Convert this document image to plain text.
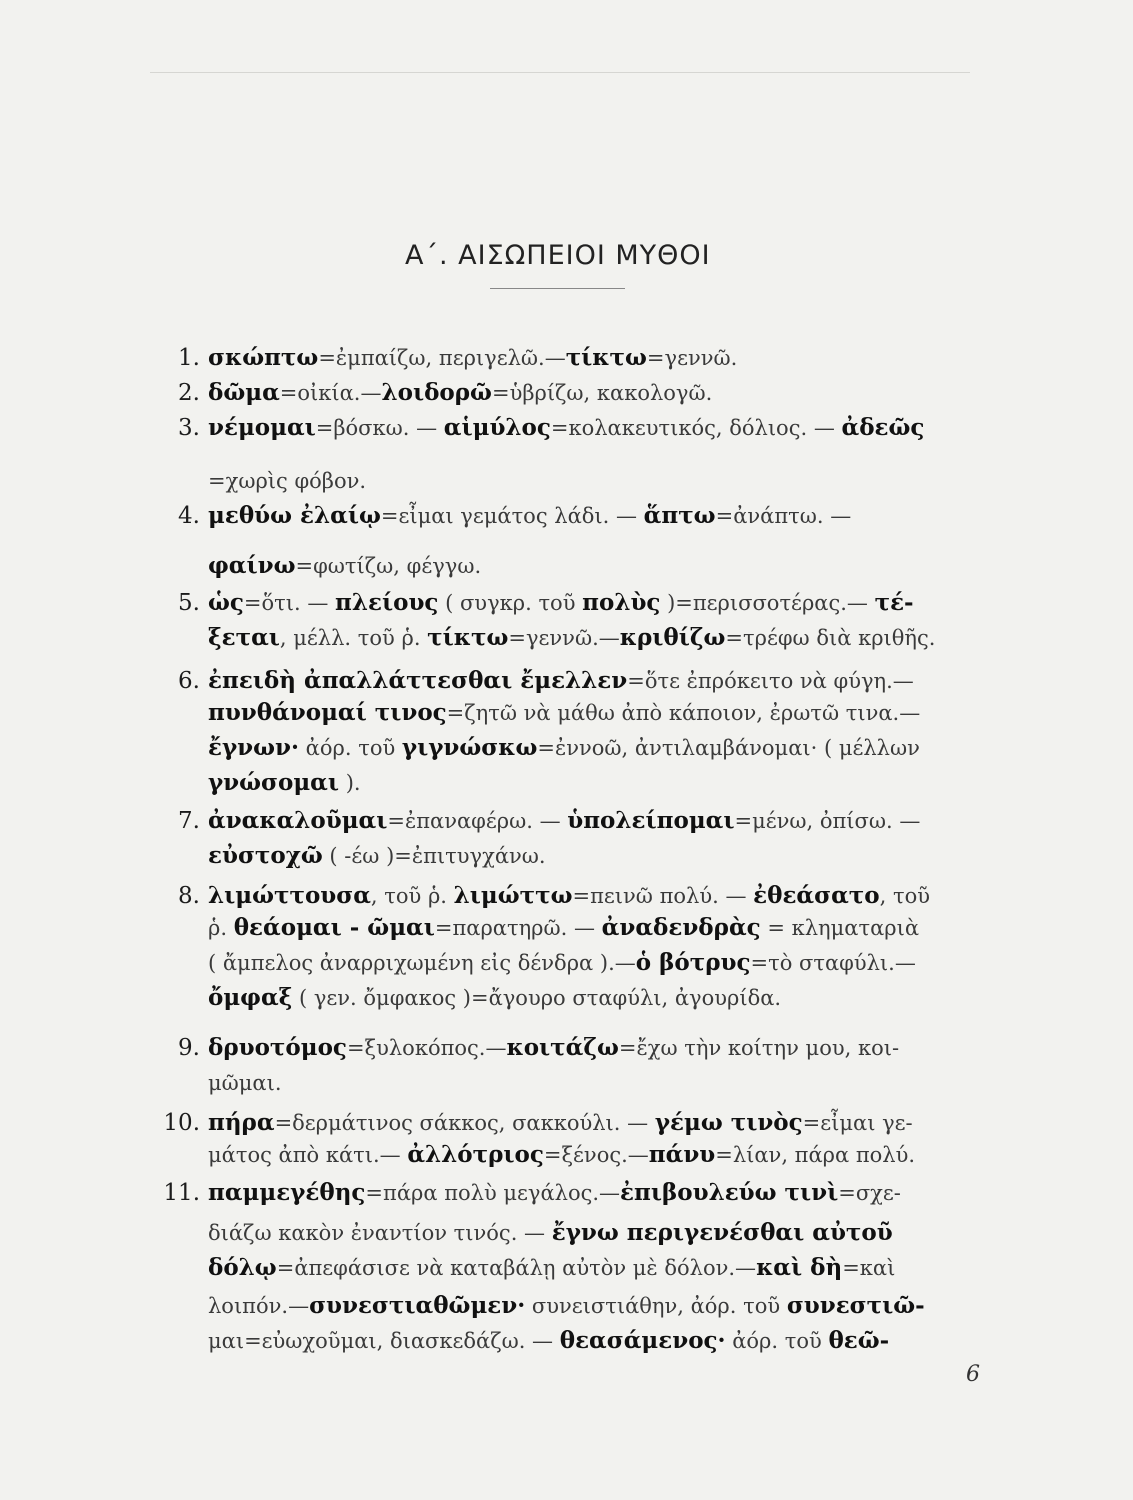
Α΄. ΑΙΣΩΠΕΙΟΙ ΜΥΘΟΙ
1. σκώπτω=ἐμπαίζω, περιγελῶ.—τίκτω=γεννῶ.
2. δῶμα=οἰκία.—λοιδορῶ=ὑβρίζω, κακολογῶ.
3. νέμομαι=βόσκω. — αἱμύλος=κολακευτικός, δόλιος. — ἀδεῶς
=χωρὶς φόβον.
4. μεθύω ἐλαίῳ=εἶμαι γεμάτος λάδι. — ἅπτω=ἀνάπτω. —
φαίνω=φωτίζω, φέγγω.
5. ὡς=ὅτι. — πλείους ( συγκρ. τοῦ πολὺς )=περισσοτέρας.— τέ-
ξεται, μέλλ. τοῦ ῥ. τίκτω=γεννῶ.—κριθίζω=τρέφω διὰ κριθῆς.
6. ἐπειδὴ ἀπαλλάττεσθαι ἔμελλεν=ὅτε ἐπρόκειτο νὰ φύγη.—
πυνθάνομαί τινος=ζητῶ νὰ μάθω ἀπὸ κάποιον, ἐρωτῶ τινα.—
ἔγνων· ἀόρ. τοῦ γιγνώσκω=ἐννοῶ, ἀντιλαμβάνομαι· ( μέλλων
γνώσομαι ).
7. ἀνακαλοῦμαι=ἐπαναφέρω. — ὑπολείπομαι=μένω, ὀπίσω. —
εὐστοχῶ ( -έω )=ἐπιτυγχάνω.
8. λιμώττουσα, τοῦ ῥ. λιμώττω=πεινῶ πολύ. — ἐθεάσατο, τοῦ
ῥ. θεάομαι - ῶμαι=παρατηρῶ. — ἀναδενδρὰς = κληματαριὰ
( ἄμπελος ἀναρριχωμένη εἰς δένδρα ).—ὁ βότρυς=τὸ σταφύλι.—
ὄμφαξ ( γεν. ὄμφακος )=ἄγουρο σταφύλι, ἀγουρίδα.
9. δρυοτόμος=ξυλοκόπος.—κοιτάζω=ἔχω τὴν κοίτην μου, κοι-
μῶμαι.
10. πήρα=δερμάτινος σάκκος, σακκούλι. — γέμω τινὸς=εἶμαι γε-
μάτος ἀπὸ κάτι.— ἀλλότριος=ξένος.—πάνυ=λίαν, πάρα πολύ.
11. παμμεγέθης=πάρα πολὺ μεγάλος.—ἐπιβουλεύω τινὶ=σχε-
διάζω κακὸν ἐναντίον τινός. — ἔγνω περιγενέσθαι αὐτοῦ
δόλῳ=ἀπεφάσισε νὰ καταβάλῃ αὐτὸν μὲ δόλον.—καὶ δὴ=καὶ
λοιπόν.—συνεστιαθῶμεν· συνειστιάθην, ἀόρ. τοῦ συνεστιῶ-
μαι=εὐωχοῦμαι, διασκεδάζω. — θεασάμενος· ἀόρ. τοῦ θεῶ-
6
